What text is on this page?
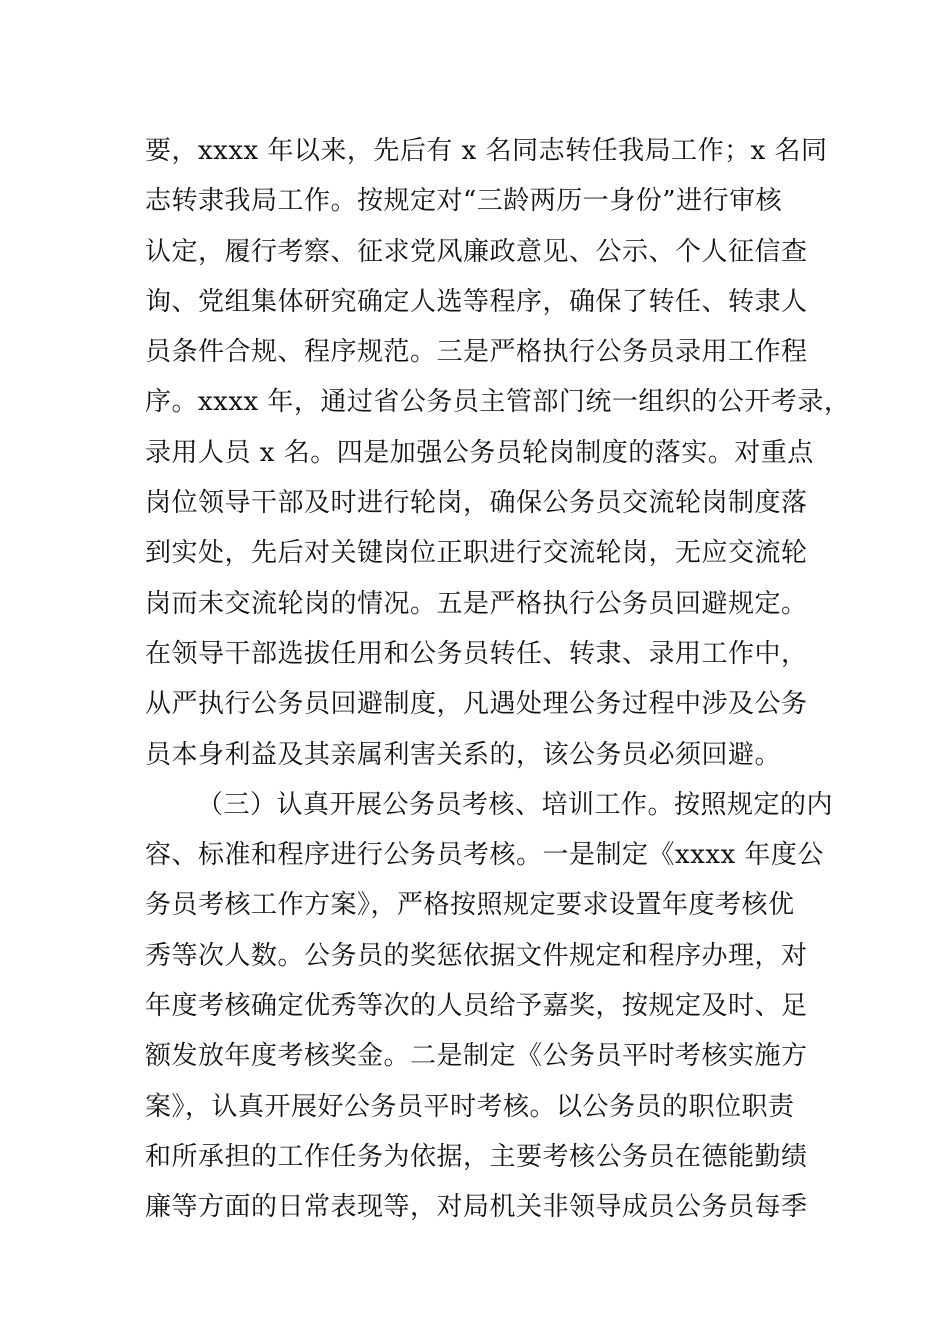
要，xxxx 年以来，先后有 x 名同志转任我局工作；x 名同
志转隶我局工作。按规定对“三龄两历一身份”进行审核
认定，履行考察、征求党风廉政意见、公示、个人征信查
询、党组集体研究确定人选等程序，确保了转任、转隶人
员条件合规、程序规范。三是严格执行公务员录用工作程
序。xxxx 年，通过省公务员主管部门统一组织的公开考录，
录用人员 x 名。四是加强公务员轮岗制度的落实。对重点
岗位领导干部及时进行轮岗，确保公务员交流轮岗制度落
到实处，先后对关键岗位正职进行交流轮岗，无应交流轮
岗而未交流轮岗的情况。五是严格执行公务员回避规定。
在领导干部选拔任用和公务员转任、转隶、录用工作中，
从严执行公务员回避制度，凡遇处理公务过程中涉及公务
员本身利益及其亲属利害关系的，该公务员必须回避。
（三）认真开展公务员考核、培训工作。按照规定的内
容、标准和程序进行公务员考核。一是制定《xxxx 年度公
务员考核工作方案》，严格按照规定要求设置年度考核优
秀等次人数。公务员的奖惩依据文件规定和程序办理，对
年度考核确定优秀等次的人员给予嘉奖，按规定及时、足
额发放年度考核奖金。二是制定《公务员平时考核实施方
案》，认真开展好公务员平时考核。以公务员的职位职责
和所承担的工作任务为依据，主要考核公务员在德能勤绩
廉等方面的日常表现等，对局机关非领导成员公务员每季
